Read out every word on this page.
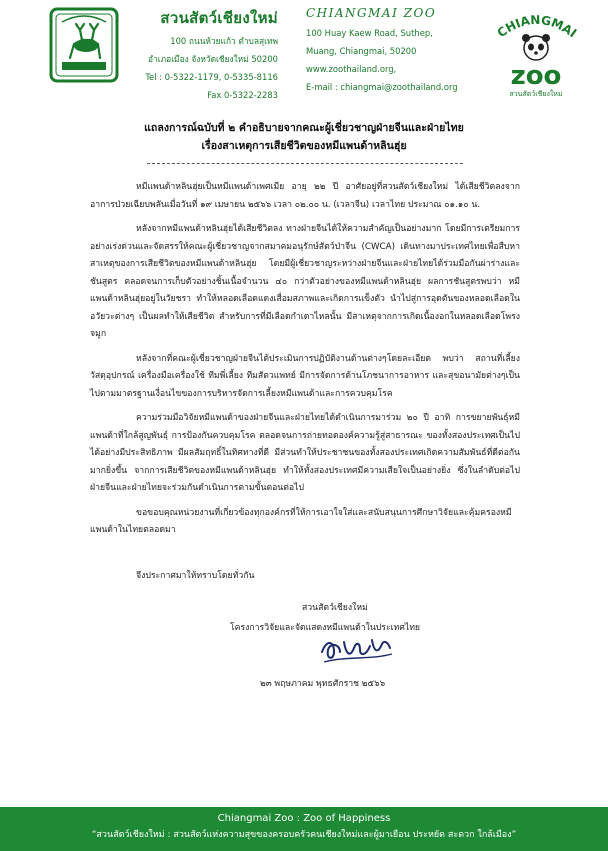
สวนสัตว์เชียงใหม่
100 ถนนห้วยแก้ว ตำบลสุเทพ
อำเภอเมือง จังหวัดเชียงใหม่ 50200
Tel : 0-5322-1179, 0-5335-8116
Fax 0-5322-2283
CHIANGMAI ZOO
100 Huay Kaew Road, Suthep,
Muang, Chiangmai, 50200
www.zoothailand.org,
E-mail : chiangmai@zoothailand.org
CHIANGMAI
zoo
สวนสัตว์เชียงใหม่
แถลงการณ์ฉบับที่ ๒ คำอธิบายจากคณะผู้เชี่ยวชาญฝ่ายจีนและฝ่ายไทย
เรื่องสาเหตุการเสียชีวิตของหมีแพนด้าหลินฮุ่ย

หมีแพนด้าหลินฮุ่ยเป็นหมีแพนด้าเพศเมีย อายุ ๒๒ ปี อาศัยอยู่ที่สวนสัตว์เชียงใหม่ ได้เสียชีวิตลงจากอาการป่วยเฉียบพลันเมื่อวันที่ ๑๙ เมษายน ๒๕๖๖ เวลา ๐๒.๐๐ น. (เวลาจีน) เวลาไทย ประมาณ ๐๑.๑๐ น.

หลังจากหมีแพนด้าหลินฮุ่ยได้เสียชีวิตลง ทางฝ่ายจีนได้ให้ความสำคัญเป็นอย่างมาก โดยมีการเตรียมการอย่างเร่งด่วนและจัดสรรให้คณะผู้เชี่ยวชาญจากสมาคมอนุรักษ์สัตว์ป่าจีน (CWCA) เดินทางมาประเทศไทยเพื่อสืบหาสาเหตุของการเสียชีวิตของหมีแพนด้าหลินฮุ่ย โดยมีผู้เชี่ยวชาญระหว่างฝ่ายจีนและฝ่ายไทยได้ร่วมมือกันผ่าร่างและชันสูตร ตลอดจนการเก็บตัวอย่างชิ้นเนื้อจำนวน ๔๐ กว่าตัวอย่างของหมีแพนด้าหลินฮุ่ย ผลการชันสูตรพบว่า หมีแพนด้าหลินฮุ่ยอยู่ในวัยชรา ทำให้หลอดเลือดแดงเสื่อมสภาพและเกิดการแข็งตัว นำไปสู่การอุดตันของหลอดเลือดในอวัยวะต่างๆ เป็นผลทำให้เสียชีวิต สำหรับการที่มีเลือดกำเดาไหลนั้น มีสาเหตุจากการเกิดเนื้องอกในหลอดเลือดโพรงจมูก

หลังจากที่คณะผู้เชี่ยวชาญฝ่ายจีนได้ประเมินการปฏิบัติงานด้านต่างๆโดยละเอียด พบว่า สถานที่เลี้ยง วัสดุอุปกรณ์ เครื่องมือเครื่องใช้ ทีมพี่เลี้ยง ทีมสัตวแพทย์ มีการจัดการด้านโภชนาการอาหาร และสุขอนามัยต่างๆเป็นไปตามมาตรฐานเงื่อนไขของการบริหารจัดการเลี้ยงหมีแพนด้าและการควบคุมโรค

ความร่วมมือวิจัยหมีแพนด้าของฝ่ายจีนและฝ่ายไทยได้ดำเนินการมาร่วม ๒๐ ปี อาทิ การขยายพันธุ์หมีแพนด้าที่ใกล้สูญพันธุ์ การป้องกันควบคุมโรค ตลอดจนการถ่ายทอดองค์ความรู้สู่สาธารณะ ของทั้งสองประเทศเป็นไปได้อย่างมีประสิทธิภาพ มีผลสัมฤทธิ์ในทิศทางที่ดี มีส่วนทำให้ประชาชนของทั้งสองประเทศเกิดความสัมพันธ์ที่ดีต่อกันมากยิ่งขึ้น จากการเสียชีวิตของหมีแพนด้าหลินฮุ่ย ทำให้ทั้งสองประเทศมีความเสียใจเป็นอย่างยิ่ง ซึ่งในลำดับต่อไป ฝ่ายจีนและฝ่ายไทยจะร่วมกันดำเนินการตามขั้นตอนต่อไป

ขอขอบคุณหน่วยงานที่เกี่ยวข้องทุกองค์กรที่ให้การเอาใจใส่และสนับสนุนการศึกษาวิจัยและคุ้มครองหมีแพนด้าในไทยตลอดมา

จึงประกาศมาให้ทราบโดยทั่วกัน
สวนสัตว์เชียงใหม่
โครงการวิจัยและจัดแสดงหมีแพนด้าในประเทศไทย
๒๓ พฤษภาคม พุทธศักราช ๒๕๖๖
Chiangmai Zoo : Zoo of Happiness
“สวนสัตว์เชียงใหม่ : สวนสัตว์แห่งความสุขของครอบครัวคนเชียงใหม่และผู้มาเยือน ประหยัด สะดวก ใกล้เมือง”
